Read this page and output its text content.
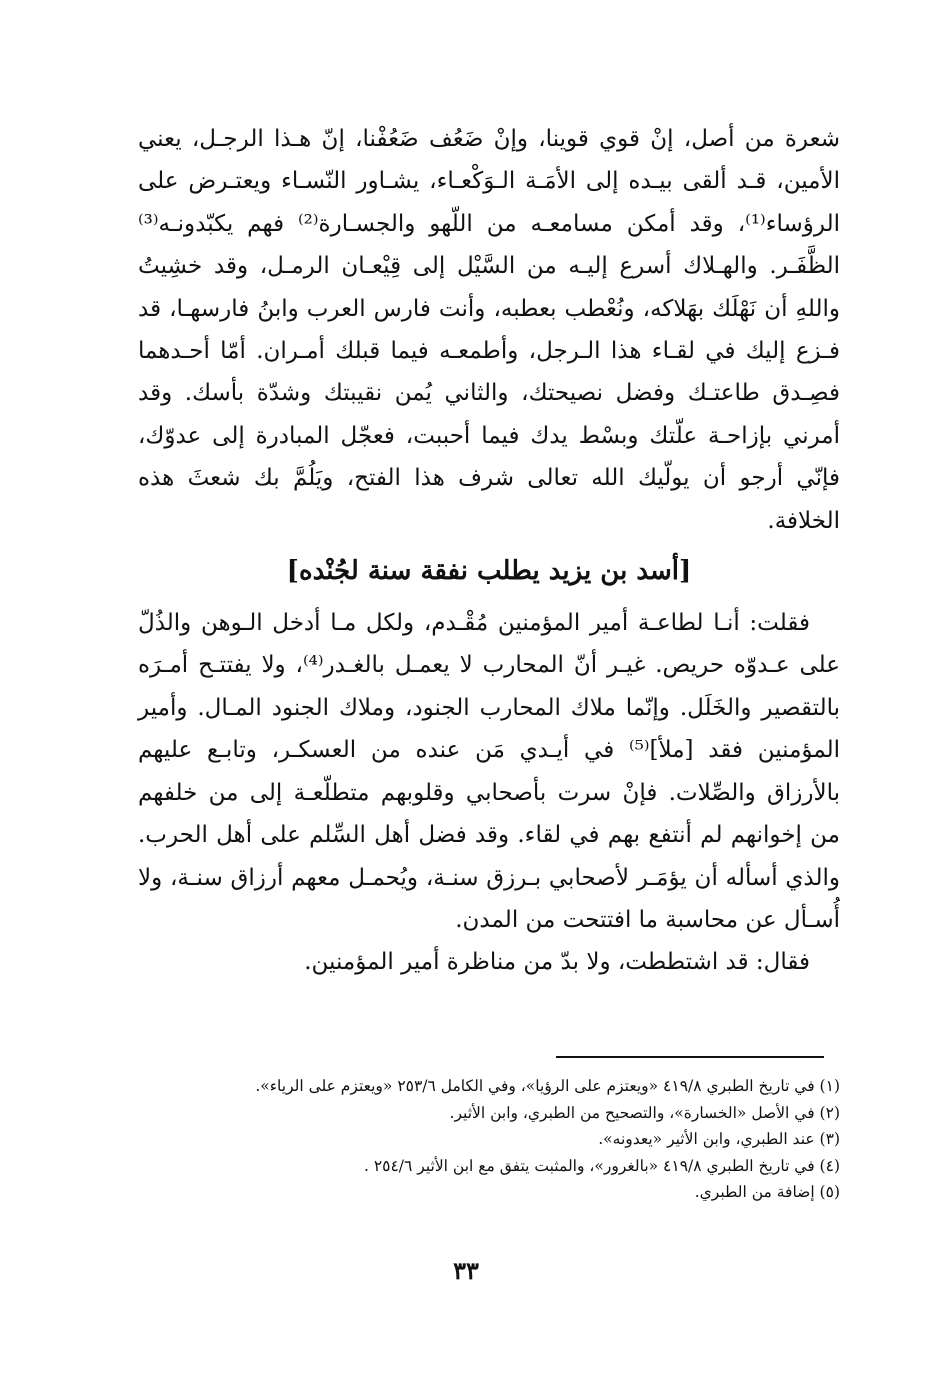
شعرة من أصل، إنْ قوي قوينا، وإنْ ضَعُف ضَعُفْنا، إنّ هـذا الرجـل، يعني الأمين، قـد ألقى بيـده إلى الأمَـة الـوَكْعـاء، يشـاور النّسـاء ويعتـرض على الرؤساء⁽¹⁾، وقد أمكن مسامعـه من اللّهو والجسـارة⁽²⁾ فهم يكبّدونـه⁽³⁾ الظَّفَـر. والهـلاك أسرع إليـه من السَّيْل إلى قِيْعـان الرمـل، وقد خشِيتُ واللهِ أن نَهْلَك بهَلاكه، ونُعْطب بعطبه، وأنت فارس العرب وابنُ فارسهـا، قد فـزع إليك في لقـاء هذا الـرجل، وأطمعـه فيما قبلك أمـران. أمّا أحـدهما فصِـدق طاعتـك وفضل نصيحتك، والثاني يُمن نقيبتك وشدّة بأسك. وقد أمرني بإزاحـة علّتك وبسْط يدك فيما أحببت، فعجّل المبادرة إلى عدوّك، فإنّي أرجو أن يولّيك الله تعالى شرف هذا الفتح، ويَلُمَّ بك شعثَ هذه الخلافة.

[أسد بن يزيد يطلب نفقة سنة لجُنْده]

فقلت: أنـا لطاعـة أمير المؤمنين مُقْـدم، ولكل مـا أدخل الـوهن والذُلّ على عـدوّه حريص. غيـر أنّ المحارب لا يعمـل بالغـدر⁽⁴⁾، ولا يفتتـح أمـرَه بالتقصير والخَلَل. وإنّما ملاك المحارب الجنود، وملاك الجنود المـال. وأمير المؤمنين فقد [ملأ]⁽⁵⁾ في أيـدي مَن عنده من العسكـر، وتابـع عليهم بالأرزاق والصِّلات. فإنْ سرت بأصحابي وقلوبهم متطلّعـة إلى من خلفهم من إخوانهم لم أنتفع بهم في لقاء. وقد فضل أهل السِّلم على أهل الحرب. والذي أسأله أن يؤمَـر لأصحابي بـرزق سنـة، ويُحمـل معهم أرزاق سنـة، ولا أُسـأل عن محاسبة ما افتتحت من المدن.

فقال: قد اشتططت، ولا بدّ من مناظرة أمير المؤمنين.

(١) في تاريخ الطبري ٤١٩/٨ «ويعتزم على الرؤيا»، وفي الكامل ٢٥٣/٦ «ويعتزم على الرياء».
(٢) في الأصل «الخسارة»، والتصحيح من الطبري، وابن الأثير.
(٣) عند الطبري، وابن الأثير «يعدونه».
(٤) في تاريخ الطبري ٤١٩/٨ «بالغرور»، والمثبت يتفق مع ابن الأثير ٢٥٤/٦ .
(٥) إضافة من الطبري.
٣٣
